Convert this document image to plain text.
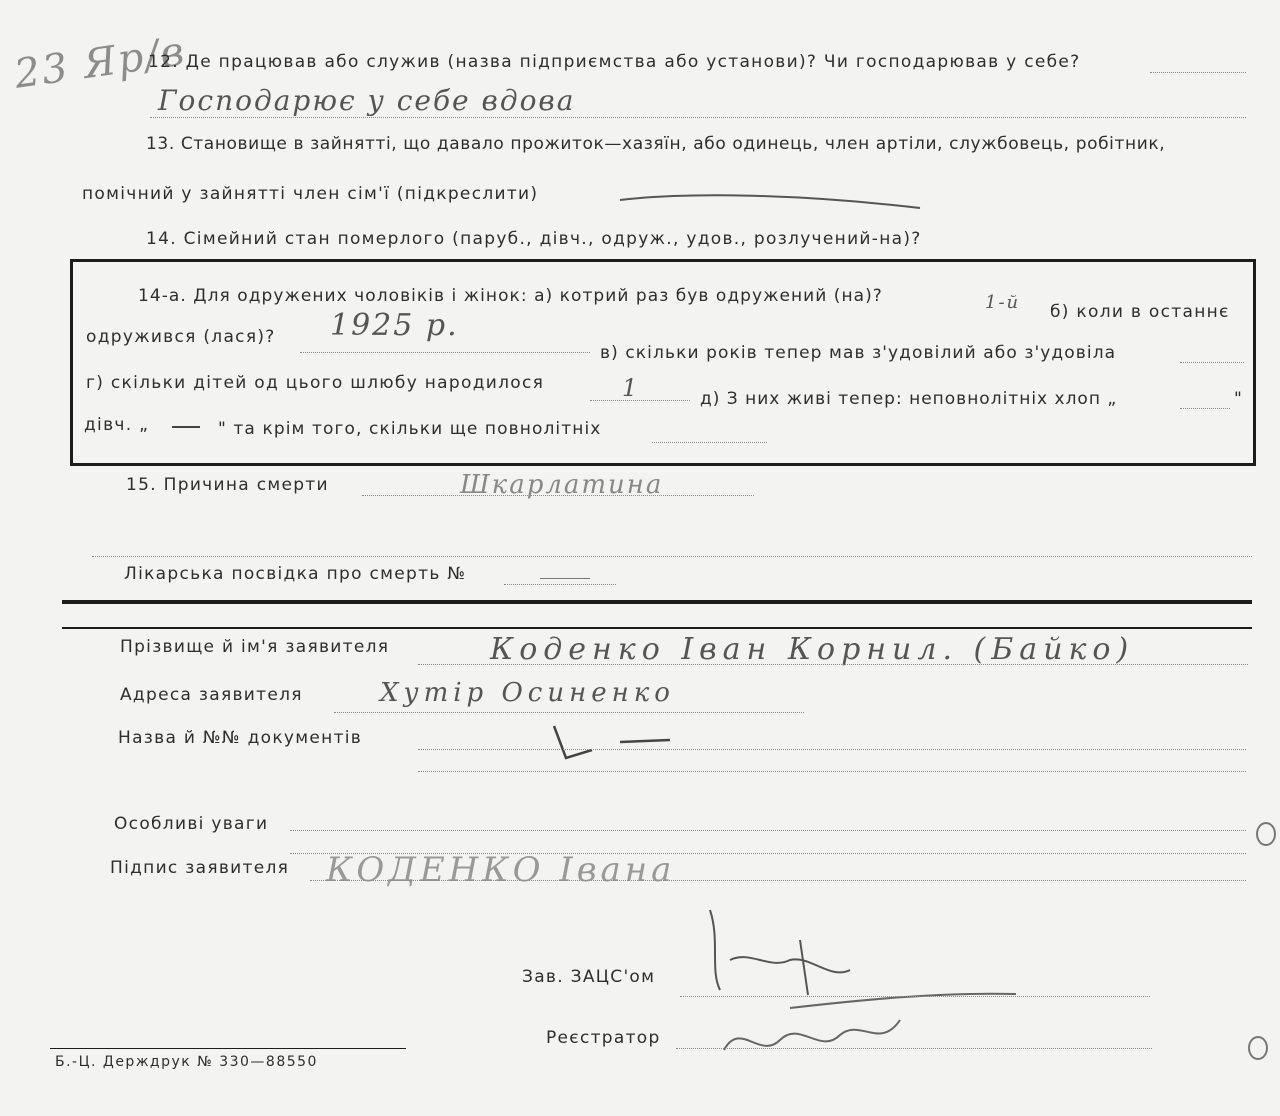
23 Яр/в
12. Де працював або служив (назва підприємства або установи)? Чи господарював у себе?
Господарює у себе вдова
13. Становище в зайнятті, що давало прожиток—хазяїн, або одинець, член артіли, службовець, робітник,
помічний у зайнятті член сім'ї (підкреслити)
14. Сімейний стан померлого (паруб., дівч., одруж., удов., розлучений-на)?
14-а. Для одружених чоловіків і жінок: а) котрий раз був одружений (на)?	1-й б) коли в останнє
одружився (лася)? 1925 р.
в) скільки років тепер мав з'удовілий або з'удовіла
г) скільки дітей од цього шлюбу народилося	1	д) З них живі тепер: неповнолітніх хлоп „	"
дівч. „	" та крім того, скільки ще повнолітніх
15. Причина смерти	Шкарлатина
Лікарська посвідка про смерть №
Прізвище й ім'я заявителя	Коденко Іван Корнил. (Байко)
Адреса заявителя	Хутір Осиненко
Назва й №№ документів
Особливі уваги
Підпис заявителя КОДЕНКО Івана
Зав. ЗАЦС'ом
Реєстратор
Б.-Ц. Держдрук № 330—88550
